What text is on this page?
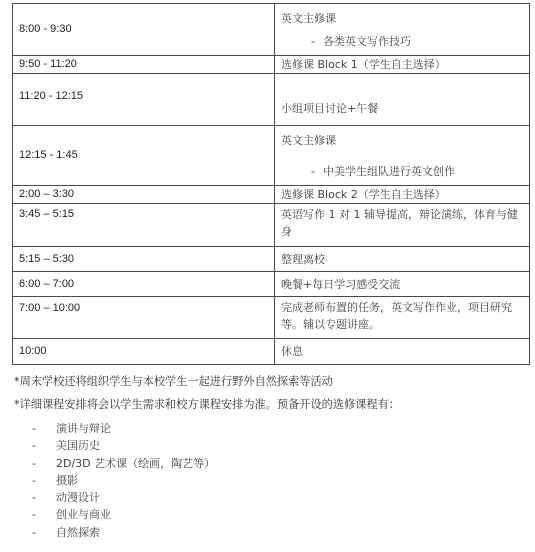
8:00 - 9:30	英文主修课
- 各类英文写作技巧

9:50 - 11:20	选修课 Block 1（学生自主选择）
11:20 - 12:15	小组项目讨论+午餐
12:15 - 1:45	英文主修课
- 中美学生组队进行英文创作

2:00 – 3:30	选修课 Block 2（学生自主选择）
3:45 – 5:15	英语写作 1 对 1 辅导提高，辩论演练，体育与健身
5:15 – 5:30	整理离校
6:00 – 7:00	晚餐+每日学习感受交流
7:00 – 10:00	完成老师布置的任务，英文写作作业，项目研究等。辅以专题讲座。
10:00	休息
*周末学校还将组织学生与本校学生一起进行野外自然探索等活动
*详细课程安排将会以学生需求和校方课程安排为准。预备开设的选修课程有：
-	演讲与辩论
-	美国历史
-	2D/3D 艺术课（绘画，陶艺等）
-	摄影
-	动漫设计
-	创业与商业
-	自然探索
